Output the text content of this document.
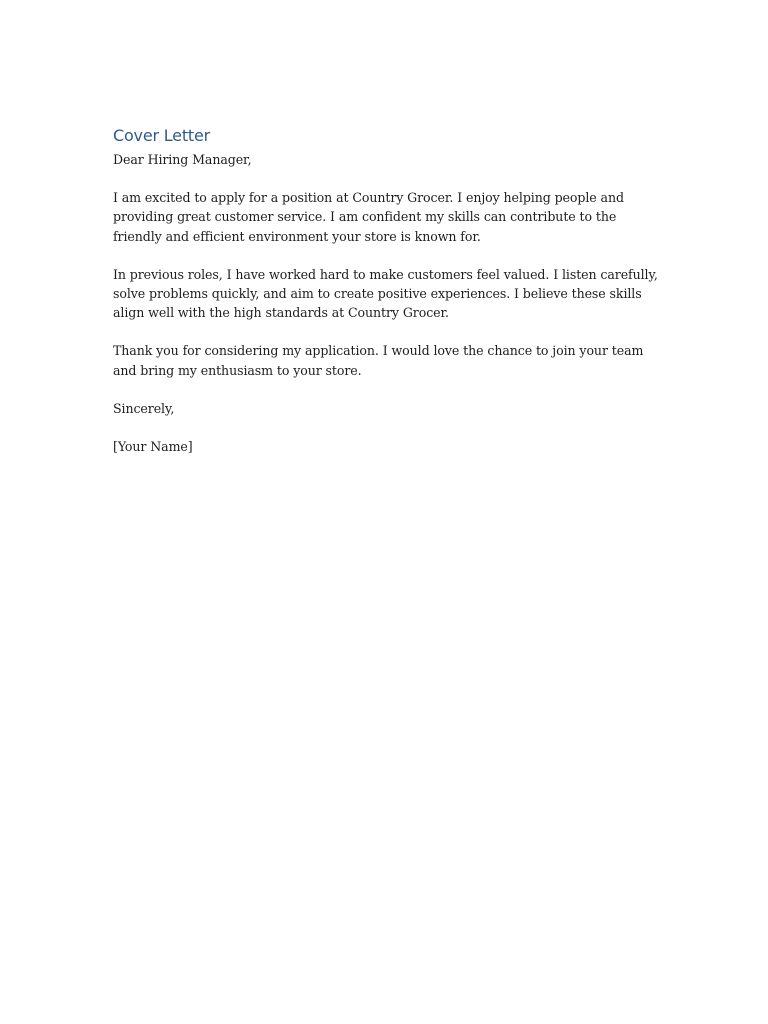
Cover Letter

Dear Hiring Manager,

I am excited to apply for a position at Country Grocer. I enjoy helping people and providing great customer service. I am confident my skills can contribute to the friendly and efficient environment your store is known for.

In previous roles, I have worked hard to make customers feel valued. I listen carefully, solve problems quickly, and aim to create positive experiences. I believe these skills align well with the high standards at Country Grocer.

Thank you for considering my application. I would love the chance to join your team and bring my enthusiasm to your store.

Sincerely,

[Your Name]
